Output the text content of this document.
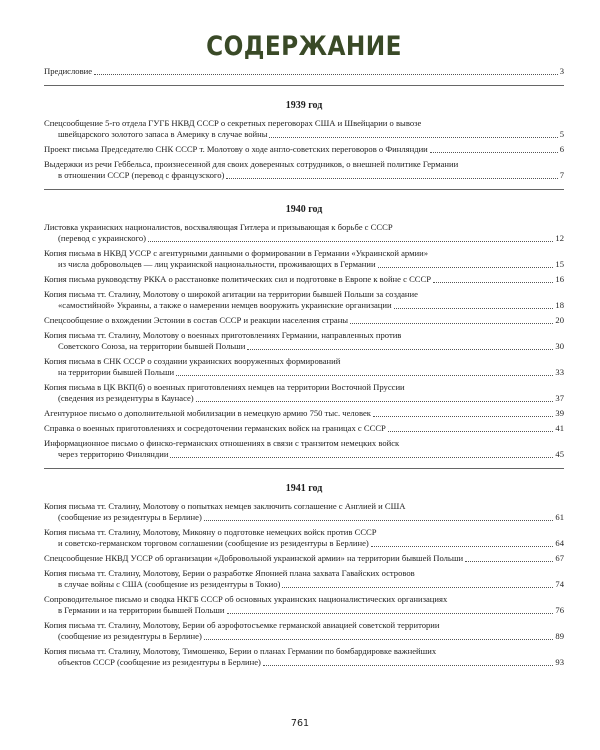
СОДЕРЖАНИЕ
Предисловие	3
1939 год
Спецсообщение 5-го отдела ГУГБ НКВД СССР о секретных переговорах США и Швейцарии о вывозе
швейцарского золотого запаса в Америку в случае войны	5
Проект письма Председателю СНК СССР т. Молотову о ходе англо-советских переговоров о Финляндии	6
Выдержки из речи Геббельса, произнесенной для своих доверенных сотрудников, о внешней политике Германии
в отношении СССР (перевод с французского)	7
1940 год
Листовка украинских националистов, восхваляющая Гитлера и призывающая к борьбе с СССР
(перевод с украинского)	12
Копия письма в НКВД УССР с агентурными данными о формировании в Германии «Украинской армии»
из числа добровольцев — лиц украинской национальности, проживающих в Германии	15
Копия письма руководству РККА о расстановке политических сил и подготовке в Европе к войне с СССР	16
Копия письма тт. Сталину, Молотову о широкой агитации на территории бывшей Польши за создание
«самостийной» Украины, а также о намерении немцев вооружить украинские организации	18
Спецсообщение о вхождении Эстонии в состав СССР и реакции населения страны	20
Копия письма тт. Сталину, Молотову о военных приготовлениях Германии, направленных против
Советского Союза, на территории бывшей Польши	30
Копия письма в СНК СССР о создании украинских вооруженных формирований
на территории бывшей Польши	33
Копия письма в ЦК ВКП(б) о военных приготовлениях немцев на территории Восточной Пруссии
(сведения из резидентуры в Каунасе)	37
Агентурное письмо о дополнительной мобилизации в немецкую армию 750 тыс. человек	39
Справка о военных приготовлениях и сосредоточении германских войск на границах с СССР	41
Информационное письмо о финско-германских отношениях в связи с транзитом немецких войск
через территорию Финляндии	45
1941 год
Копия письма тт. Сталину, Молотову о попытках немцев заключить соглашение с Англией и США
(сообщение из резидентуры в Берлине)	61
Копия письма тт. Сталину, Молотову, Микояну о подготовке немецких войск против СССР
и советско-германском торговом соглашении (сообщение из резидентуры в Берлине)	64
Спецсообщение НКВД УССР об организации «Добровольной украинской армии» на территории бывшей Польши	67
Копия письма тт. Сталину, Молотову, Берии о разработке Японией плана захвата Гавайских островов
в случае войны с США (сообщение из резидентуры в Токио)	74
Сопроводительное письмо и сводка НКГБ СССР об основных украинских националистических организациях
в Германии и на территории бывшей Польши	76
Копия письма тт. Сталину, Молотову, Берии об аэрофотосъемке германской авиацией советской территории
(сообщение из резидентуры в Берлине)	89
Копия письма тт. Сталину, Молотову, Тимошенко, Берии о планах Германии по бомбардировке важнейших
объектов СССР (сообщение из резидентуры в Берлине)	93
761
